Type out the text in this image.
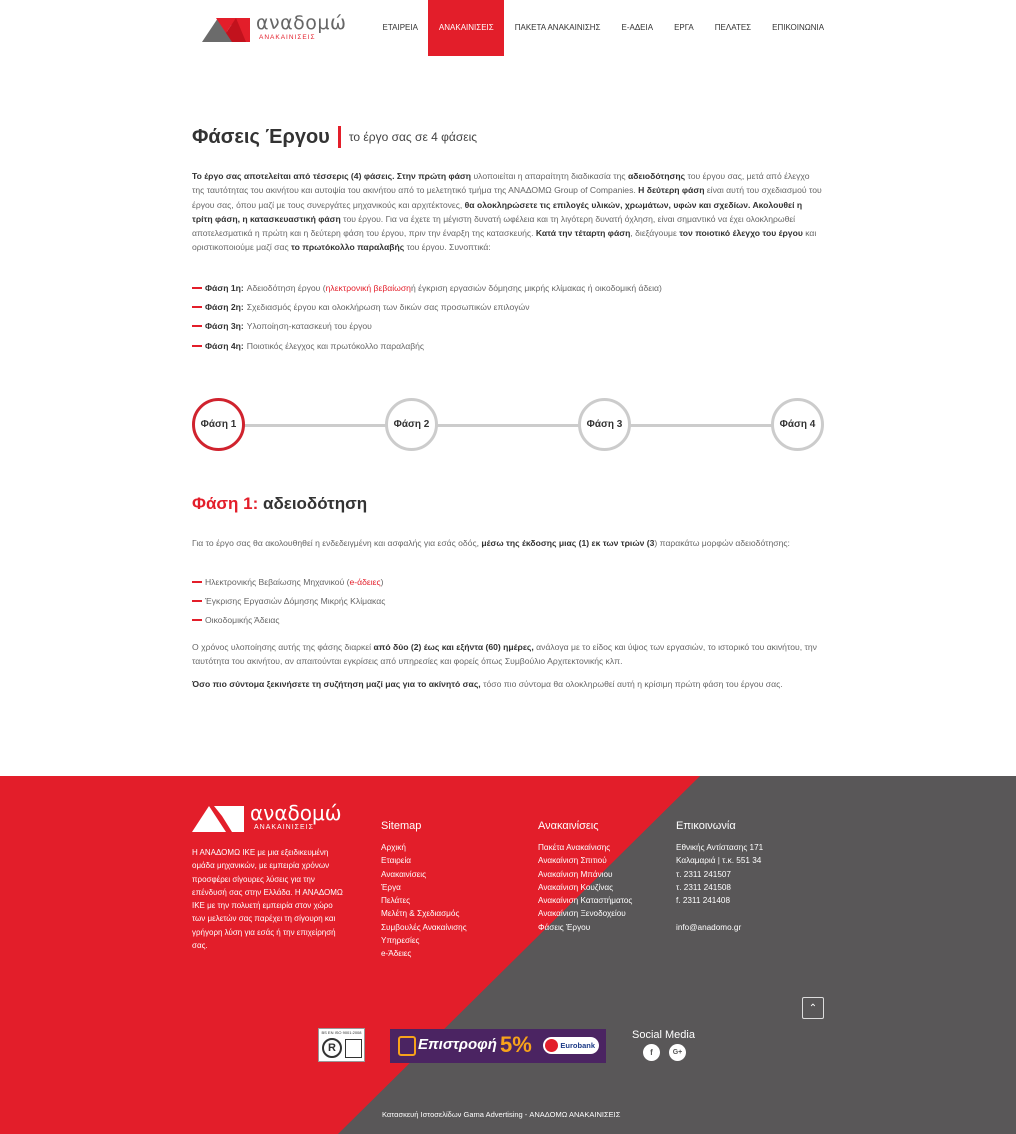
αναδομώ
ΑΝΑΚΑΙΝΙΣΕΙΣ
ΕΤΑΙΡΕΙΑ	ΑΝΑΚΑΙΝΙΣΕΙΣ	ΠΑΚΕΤΑ ΑΝΑΚΑΙΝΙΣΗΣ	E-ΑΔΕΙΑ	ΕΡΓΑ	ΠΕΛΑΤΕΣ	ΕΠΙΚΟΙΝΩΝΙΑ
Φάσεις Έργου το έργο σας σε 4 φάσεις

Το έργο σας αποτελείται από τέσσερις (4) φάσεις. Στην πρώτη φάση υλοποιείται η απαραίτητη διαδικασία της αδειοδότησης του έργου σας, μετά από έλεγχο της ταυτότητας του ακινήτου και αυτοψία του ακινήτου από το μελετητικό τμήμα της ΑΝΑΔΟΜΩ Group of Companies. Η δεύτερη φάση είναι αυτή του σχεδιασμού του έργου σας, όπου μαζί με τους συνεργάτες μηχανικούς και αρχιτέκτονες, θα ολοκληρώσετε τις επιλογές υλικών, χρωμάτων, υφών και σχεδίων. Ακολουθεί η τρίτη φάση, η κατασκευαστική φάση του έργου. Για να έχετε τη μέγιστη δυνατή ωφέλεια και τη λιγότερη δυνατή όχληση, είναι σημαντικό να έχει ολοκληρωθεί αποτελεσματικά η πρώτη και η δεύτερη φάση του έργου, πριν την έναρξη της κατασκευής. Κατά την τέταρτη φάση, διεξάγουμε τον ποιοτικό έλεγχο του έργου και οριστικοποιούμε μαζί σας το πρωτόκολλο παραλαβής του έργου. Συνοπτικά:

Φάση 1η: Αδειοδότηση έργου ( ηλεκτρονική βεβαίωση ή έγκριση εργασιών δόμησης μικρής κλίμακας ή οικοδομική άδεια)
Φάση 2η: Σχεδιασμός έργου και ολοκλήρωση των δικών σας προσωπικών επιλογών
Φάση 3η: Υλοποίηση-κατασκευή του έργου
Φάση 4η: Ποιοτικός έλεγχος και πρωτόκολλο παραλαβής
Φάση 1	Φάση 2	Φάση 3	Φάση 4
Φάση 1: αδειοδότηση

Για το έργο σας θα ακολουθηθεί η ενδεδειγμένη και ασφαλής για εσάς οδός, μέσω της έκδοσης μιας (1) εκ των τριών (3) παρακάτω μορφών αδειοδότησης:

Ηλεκτρονικής Βεβαίωσης Μηχανικού ( e-άδειες )
Έγκρισης Εργασιών Δόμησης Μικρής Κλίμακας
Οικοδομικής Άδειας

Ο χρόνος υλοποίησης αυτής της φάσης διαρκεί από δύο (2) έως και εξήντα (60) ημέρες, ανάλογα με το είδος και ύψος των εργασιών, το ιστορικό του ακινήτου, την ταυτότητα του ακινήτου, αν απαιτούνται εγκρίσεις από υπηρεσίες και φορείς όπως Συμβούλιο Αρχιτεκτονικής κλπ.

Όσο πιο σύντομα ξεκινήσετε τη συζήτηση μαζί μας για το ακίνητό σας, τόσο πιο σύντομα θα ολοκληρωθεί αυτή η κρίσιμη πρώτη φάση του έργου σας.

αναδομώ
ΑΝΑΚΑΙΝΙΣΕΙΣ

Η ΑΝΑΔΟΜΩ ΙΚΕ με μια εξειδικευμένη ομάδα μηχανικών, με εμπειρία χρόνων προσφέρει σίγουρες λύσεις για την επένδυσή σας στην Ελλάδα. Η ΑΝΑΔΟΜΩ ΙΚΕ με την πολυετή εμπειρία στον χώρο των μελετών σας παρέχει τη σίγουρη και γρήγορη λύση για εσάς ή την επιχείρησή σας.

Sitemap
Αρχική
Εταιρεία
Ανακαινίσεις
Έργα
Πελάτες
Μελέτη & Σχεδιασμός
Συμβουλές Ανακαίνισης
Υπηρεσίες
e-Άδειες
Ανακαινίσεις
Πακέτα Ανακαίνισης
Ανακαίνιση Σπιτιού
Ανακαίνιση Μπάνιου
Ανακαίνιση Κουζίνας
Ανακαίνιση Καταστήματος
Ανακαίνιση Ξενοδοχείου
Φάσεις Έργου
Επικοινωνία
Εθνικής Αντίστασης 171
Καλαμαριά | τ.κ. 551 34
τ. 2311 241507
τ. 2311 241508
f. 2311 241408
info@anadomo.gr
⌃
BS EN ISO 9001:2008
R	Επιστροφή 5%	Eurobank
Social Media
f	G+
Κατασκευή Ιστοσελίδων Gama Advertising - ΑΝΑΔΟΜΩ ΑΝΑΚΑΙΝΙΣΕΙΣ
